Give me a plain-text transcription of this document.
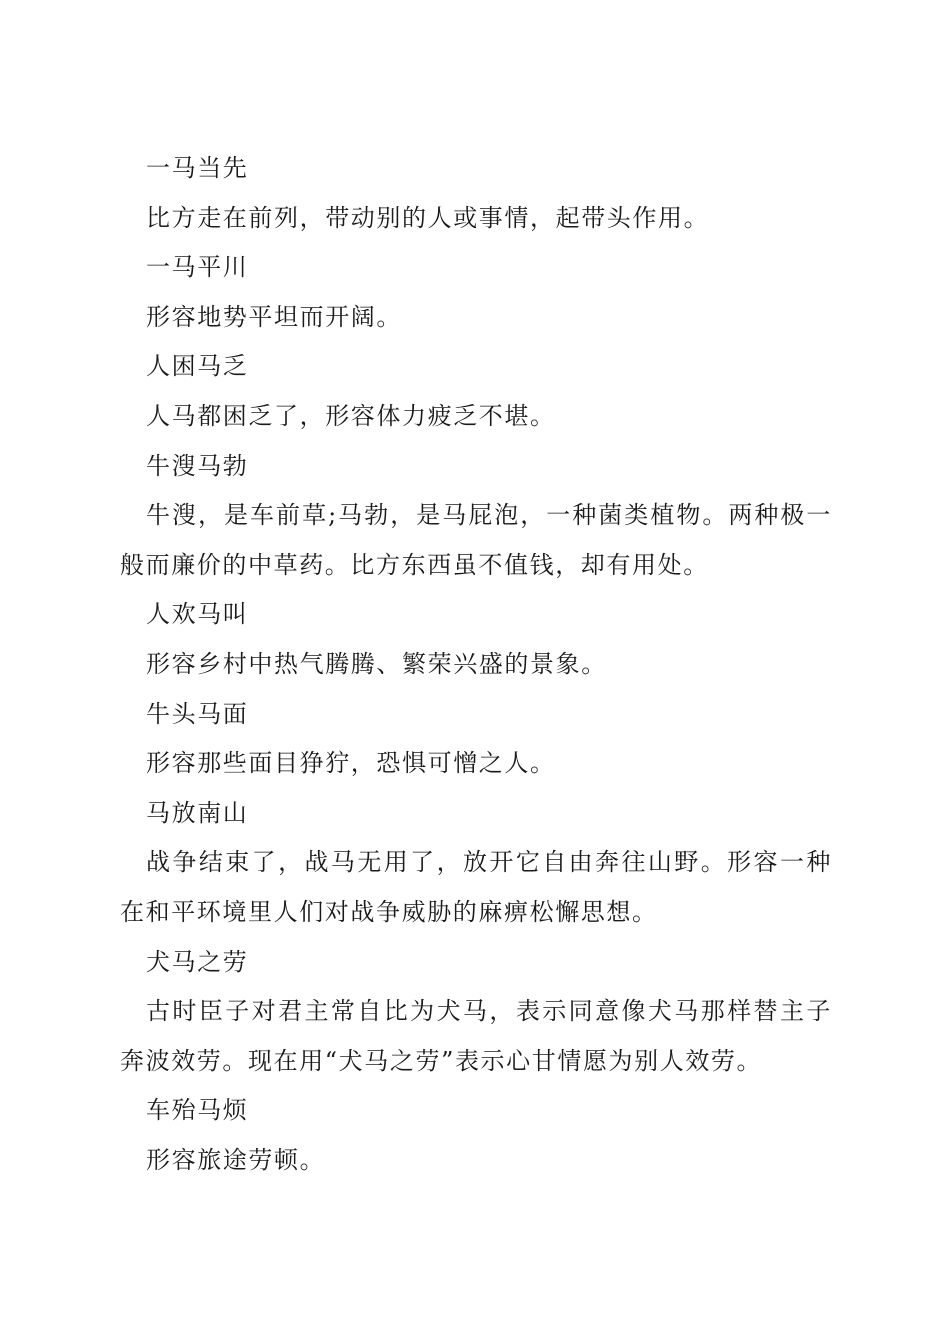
一马当先

比方走在前列，带动别的人或事情，起带头作用。

一马平川

形容地势平坦而开阔。

人困马乏

人马都困乏了，形容体力疲乏不堪。

牛溲马勃

牛溲，是车前草;马勃，是马屁泡，一种菌类植物。两种极一般而廉价的中草药。比方东西虽不值钱，却有用处。

人欢马叫

形容乡村中热气腾腾、繁荣兴盛的景象。

牛头马面

形容那些面目狰狞，恐惧可憎之人。

马放南山

战争结束了，战马无用了，放开它自由奔往山野。形容一种在和平环境里人们对战争威胁的麻痹松懈思想。

犬马之劳

古时臣子对君主常自比为犬马，表示同意像犬马那样替主子奔波效劳。现在用“犬马之劳”表示心甘情愿为别人效劳。

车殆马烦

形容旅途劳顿。
